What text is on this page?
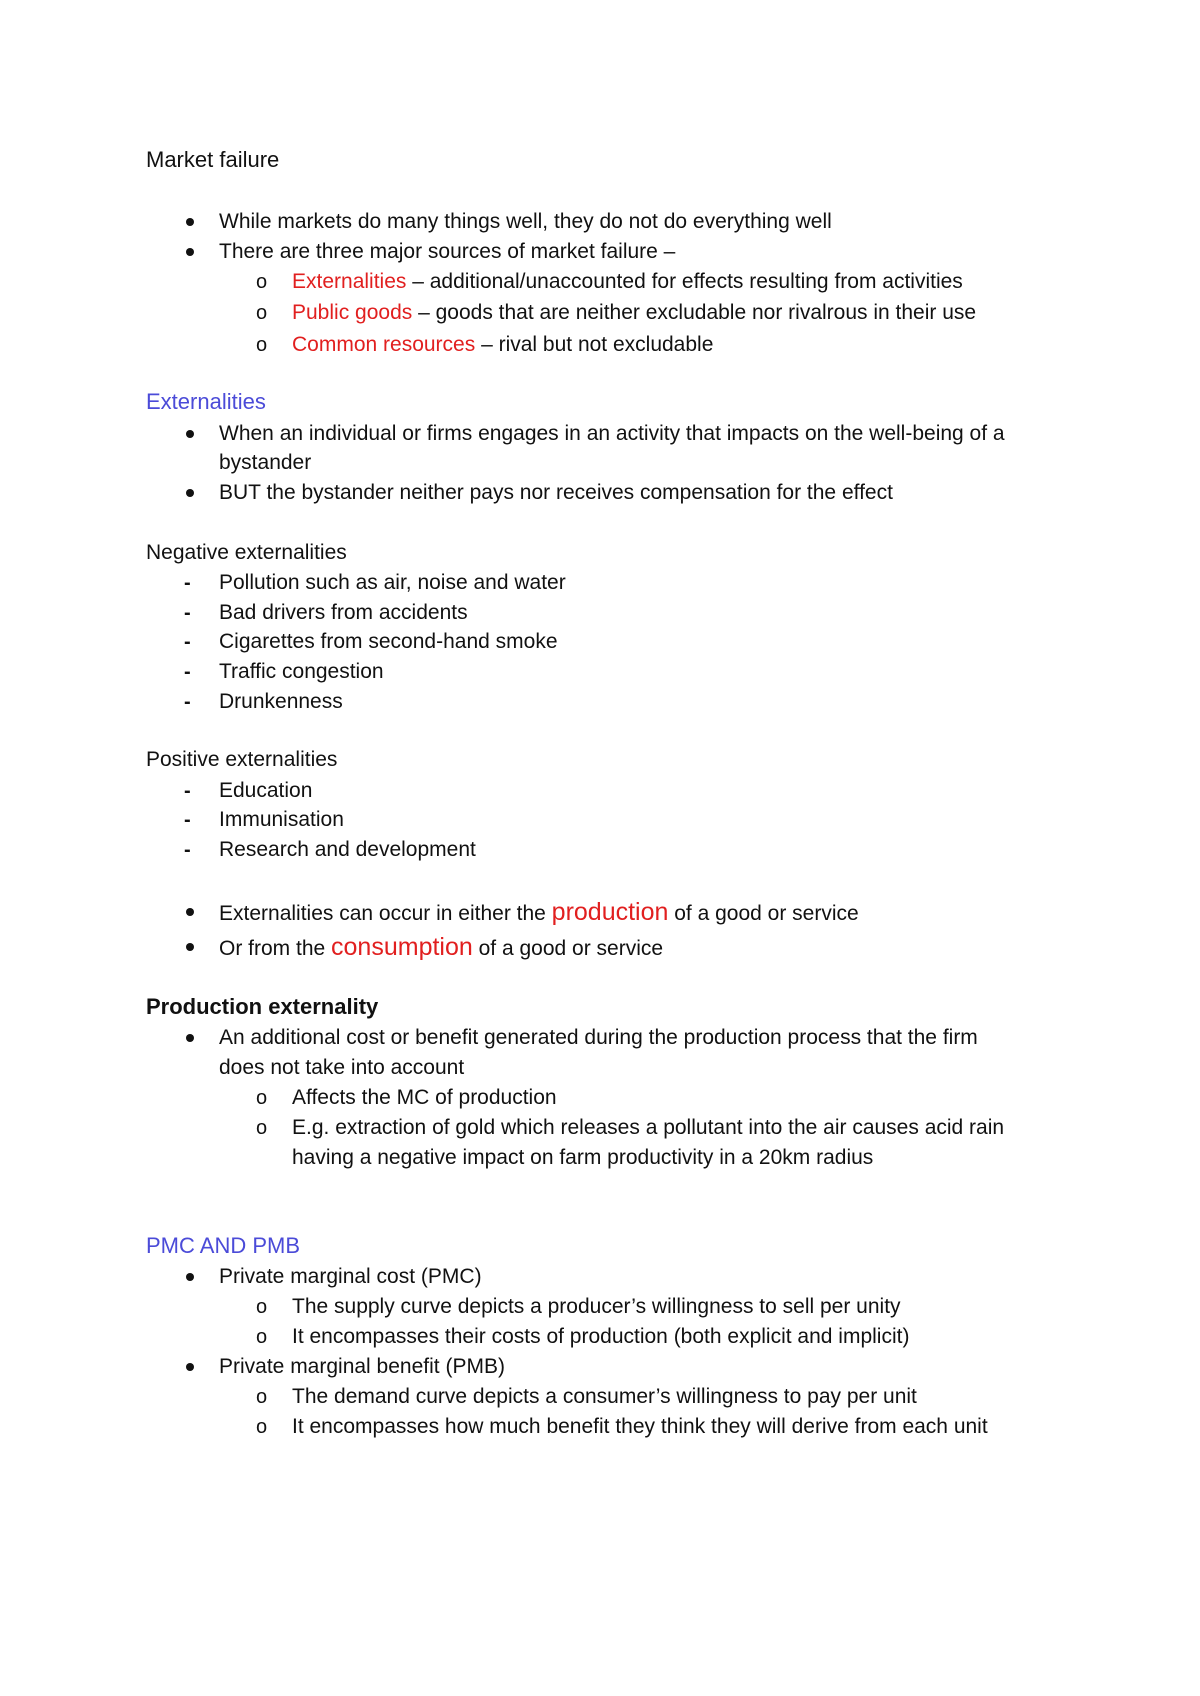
Market failure
While markets do many things well, they do not do everything well
There are three major sources of market failure –
o Externalities – additional/unaccounted for effects resulting from activities
o Public goods – goods that are neither excludable nor rivalrous in their use
o Common resources – rival but not excludable
Externalities
When an individual or firms engages in an activity that impacts on the well-being of a
bystander
BUT the bystander neither pays nor receives compensation for the effect
Negative externalities
- Pollution such as air, noise and water
- Bad drivers from accidents
- Cigarettes from second-hand smoke
- Traffic congestion
- Drunkenness
Positive externalities
- Education
- Immunisation
- Research and development
Externalities can occur in either the production of a good or service
Or from the consumption of a good or service
Production externality
An additional cost or benefit generated during the production process that the firm
does not take into account
o Affects the MC of production
o E.g. extraction of gold which releases a pollutant into the air causes acid rain
having a negative impact on farm productivity in a 20km radius
PMC AND PMB
Private marginal cost (PMC)
o The supply curve depicts a producer’s willingness to sell per unity
o It encompasses their costs of production (both explicit and implicit)
Private marginal benefit (PMB)
o The demand curve depicts a consumer’s willingness to pay per unit
o It encompasses how much benefit they think they will derive from each unit
